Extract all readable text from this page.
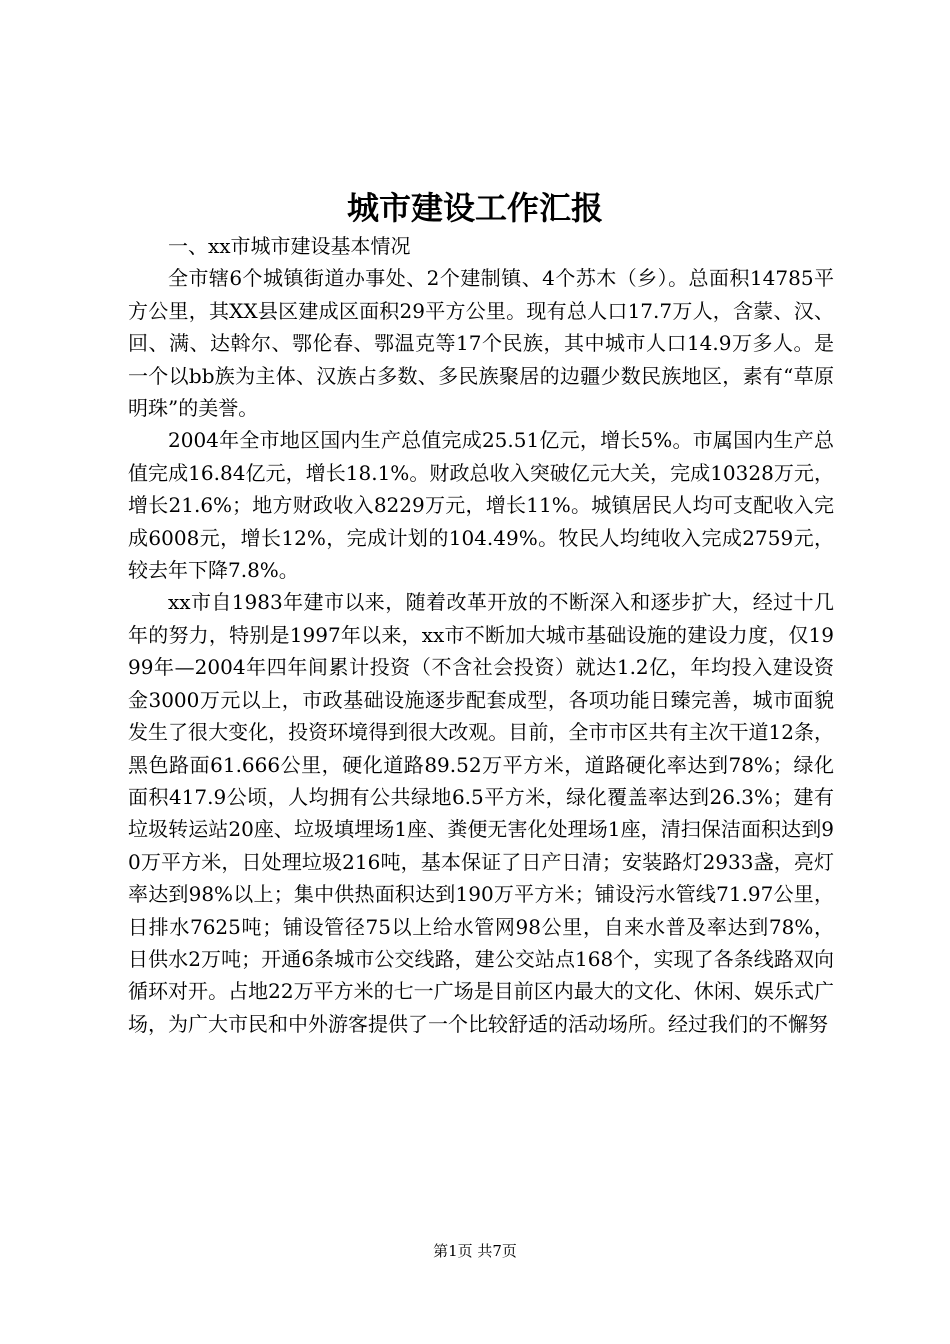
城市建设工作汇报

一、xx市城市建设基本情况

全市辖6个城镇街道办事处、2个建制镇、4个苏木（乡）。总面积14785平方公里，其XX县区建成区面积29平方公里。现有总人口17.7万人，含蒙、汉、回、满、达斡尔、鄂伦春、鄂温克等17个民族，其中城市人口14.9万多人。是一个以bb族为主体、汉族占多数、多民族聚居的边疆少数民族地区，素有“草原明珠”的美誉。

2004年全市地区国内生产总值完成25.51亿元，增长5%。市属国内生产总值完成16.84亿元，增长18.1%。财政总收入突破亿元大关，完成10328万元，增长21.6%；地方财政收入8229万元，增长11%。城镇居民人均可支配收入完成6008元，增长12%，完成计划的104.49%。牧民人均纯收入完成2759元，较去年下降7.8%。

xx市自1983年建市以来，随着改革开放的不断深入和逐步扩大，经过十几年的努力，特别是1997年以来，xx市不断加大城市基础设施的建设力度，仅1999年—2004年四年间累计投资（不含社会投资）就达1.2亿，年均投入建设资金3000万元以上，市政基础设施逐步配套成型，各项功能日臻完善，城市面貌发生了很大变化，投资环境得到很大改观。目前，全市市区共有主次干道12条，黑色路面61.666公里，硬化道路89.52万平方米，道路硬化率达到78%；绿化面积417.9公顷，人均拥有公共绿地6.5平方米，绿化覆盖率达到26.3%；建有垃圾转运站20座、垃圾填埋场1座、粪便无害化处理场1座，清扫保洁面积达到90万平方米，日处理垃圾216吨，基本保证了日产日清；安装路灯2933盏，亮灯率达到98%以上；集中供热面积达到190万平方米；铺设污水管线71.97公里，日排水7625吨；铺设管径75以上给水管网98公里，自来水普及率达到78%，日供水2万吨；开通6条城市公交线路，建公交站点168个，实现了各条线路双向循环对开。占地22万平方米的七一广场是目前区内最大的文化、休闲、娱乐式广场，为广大市民和中外游客提供了一个比较舒适的活动场所。经过我们的不懈努

第1页 共7页
